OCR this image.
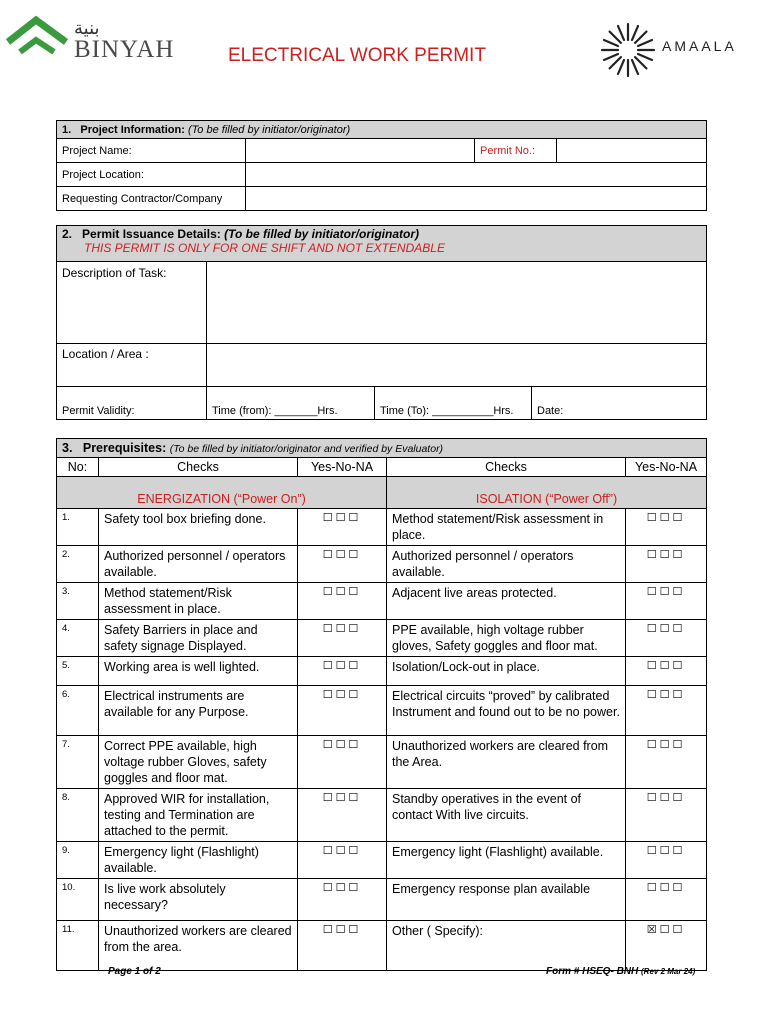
بنية
BINYAH	ELECTRICAL WORK PERMIT	AMAALA
1. Project Information: (To be filled by initiator/originator)			
Project Name:		Permit No.:	
Project Location:			
Requesting Contractor/Company			
2. Permit Issuance Details: (To be filled by initiator/originator)
THIS PERMIT IS ONLY FOR ONE SHIFT AND NOT EXTENDABLE			
Description of Task:			
Location / Area :			
Permit Validity:	Time (from): _______Hrs.	Time (To): __________Hrs.	Date:
3. Prerequisites: (To be filled by initiator/originator and verified by Evaluator)				
No:	Checks	Yes-No-NA	Checks	Yes-No-NA
ENERGIZATION (“Power On”)			ISOLATION (“Power Off”)	
1.	Safety tool box briefing done.	☐☐☐	Method statement/Risk assessment in place.	☐☐☐
2.	Authorized personnel / operators available.	☐☐☐	Authorized personnel / operators available.	☐☐☐
3.	Method statement/Risk assessment in place.	☐☐☐	Adjacent live areas protected.	☐☐☐
4.	Safety Barriers in place and safety signage Displayed.	☐☐☐	PPE available, high voltage rubber gloves, Safety goggles and floor mat.	☐☐☐
5.	Working area is well lighted.	☐☐☐	Isolation/Lock-out in place.	☐☐☐
6.	Electrical instruments are available for any Purpose.	☐☐☐	Electrical circuits “proved” by calibrated Instrument and found out to be no power.	☐☐☐
7.	Correct PPE available, high voltage rubber Gloves, safety goggles and floor mat.	☐☐☐	Unauthorized workers are cleared from the Area.	☐☐☐
8.	Approved WIR for installation, testing and Termination are attached to the permit.	☐☐☐	Standby operatives in the event of contact With live circuits.	☐☐☐
9.	Emergency light (Flashlight) available.	☐☐☐	Emergency light (Flashlight) available.	☐☐☐
10.	Is live work absolutely necessary?	☐☐☐	Emergency response plan available	☐☐☐
11.	Unauthorized workers are cleared from the area.	☐☐☐	Other ( Specify):	☒☐☐
Page 1 of 2	Form # HSEQ- BNH (Rev 2 Mar 24)
